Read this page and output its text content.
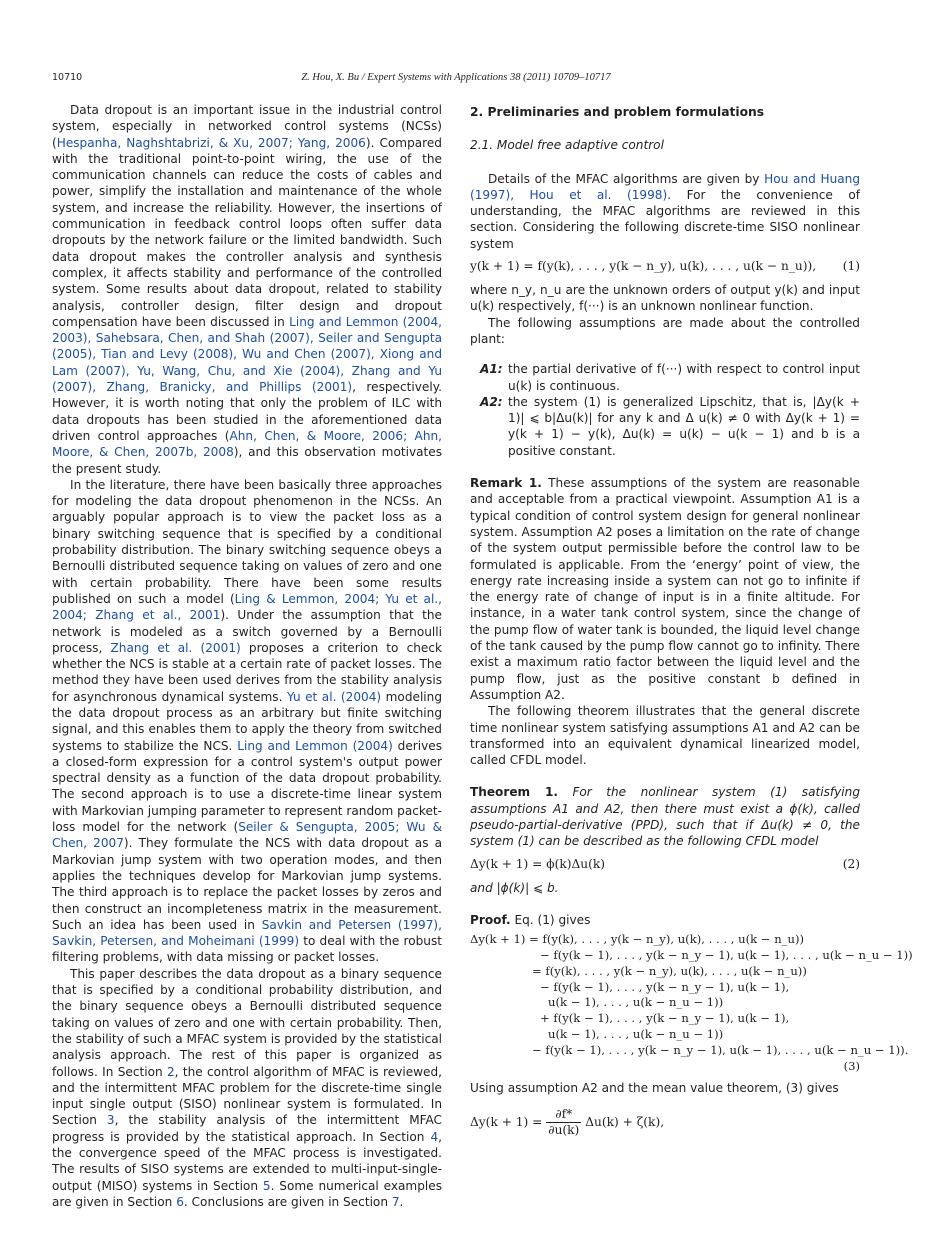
10710	Z. Hou, X. Bu / Expert Systems with Applications 38 (2011) 10709–10717

Data dropout is an important issue in the industrial control system, especially in networked control systems (NCSs) (Hespanha, Naghshtabrizi, & Xu, 2007; Yang, 2006). Compared with the traditional point-to-point wiring, the use of the communication channels can reduce the costs of cables and power, simplify the installation and maintenance of the whole system, and increase the reliability. However, the insertions of communication in feedback control loops often suffer data dropouts by the network failure or the limited bandwidth. Such data dropout makes the controller analysis and synthesis complex, it affects stability and performance of the controlled system. Some results about data dropout, related to stability analysis, controller design, filter design and dropout compensation have been discussed in Ling and Lemmon (2004, 2003), Sahebsara, Chen, and Shah (2007), Seiler and Sengupta (2005), Tian and Levy (2008), Wu and Chen (2007), Xiong and Lam (2007), Yu, Wang, Chu, and Xie (2004), Zhang and Yu (2007), Zhang, Branicky, and Phillips (2001), respectively. However, it is worth noting that only the problem of ILC with data dropouts has been studied in the aforementioned data driven control approaches (Ahn, Chen, & Moore, 2006; Ahn, Moore, & Chen, 2007b, 2008), and this observation motivates the present study.

In the literature, there have been basically three approaches for modeling the data dropout phenomenon in the NCSs. An arguably popular approach is to view the packet loss as a binary switching sequence that is specified by a conditional probability distribution. The binary switching sequence obeys a Bernoulli distributed sequence taking on values of zero and one with certain probability. There have been some results published on such a model (Ling & Lemmon, 2004; Yu et al., 2004; Zhang et al., 2001). Under the assumption that the network is modeled as a switch governed by a Bernoulli process, Zhang et al. (2001) proposes a criterion to check whether the NCS is stable at a certain rate of packet losses. The method they have been used derives from the stability analysis for asynchronous dynamical systems. Yu et al. (2004) modeling the data dropout process as an arbitrary but finite switching signal, and this enables them to apply the theory from switched systems to stabilize the NCS. Ling and Lemmon (2004) derives a closed-form expression for a control system's output power spectral density as a function of the data dropout probability. The second approach is to use a discrete-time linear system with Markovian jumping parameter to represent random packet-loss model for the network (Seiler & Sengupta, 2005; Wu & Chen, 2007). They formulate the NCS with data dropout as a Markovian jump system with two operation modes, and then applies the techniques develop for Markovian jump systems. The third approach is to replace the packet losses by zeros and then construct an incompleteness matrix in the measurement. Such an idea has been used in Savkin and Petersen (1997), Savkin, Petersen, and Moheimani (1999) to deal with the robust filtering problems, with data missing or packet losses.

This paper describes the data dropout as a binary sequence that is specified by a conditional probability distribution, and the binary sequence obeys a Bernoulli distributed sequence taking on values of zero and one with certain probability. Then, the stability of such a MFAC system is provided by the statistical analysis approach. The rest of this paper is organized as follows. In Section 2, the control algorithm of MFAC is reviewed, and the intermittent MFAC problem for the discrete-time single input single output (SISO) nonlinear system is formulated. In Section 3, the stability analysis of the intermittent MFAC progress is provided by the statistical approach. In Section 4, the convergence speed of the MFAC process is investigated. The results of SISO systems are extended to multi-input-single-output (MISO) systems in Section 5. Some numerical examples are given in Section 6. Conclusions are given in Section 7.

2. Preliminaries and problem formulations
2.1. Model free adaptive control

Details of the MFAC algorithms are given by Hou and Huang (1997), Hou et al. (1998). For the convenience of understanding, the MFAC algorithms are reviewed in this section. Considering the following discrete-time SISO nonlinear system

y(k + 1) = f(y(k), . . . , y(k − n_y), u(k), . . . , u(k − n_u)), (1)

where n_y, n_u are the unknown orders of output y(k) and input u(k) respectively, f(···) is an unknown nonlinear function.

The following assumptions are made about the controlled plant:

A1: the partial derivative of f(···) with respect to control input u(k) is continuous.

A2: the system (1) is generalized Lipschitz, that is, |Δy(k + 1)| ⩽ b|Δu(k)| for any k and Δ u(k) ≠ 0 with Δy(k + 1) = y(k + 1) − y(k), Δu(k) = u(k) − u(k − 1) and b is a positive constant.

Remark 1. These assumptions of the system are reasonable and acceptable from a practical viewpoint. Assumption A1 is a typical condition of control system design for general nonlinear system. Assumption A2 poses a limitation on the rate of change of the system output permissible before the control law to be formulated is applicable. From the ‘energy’ point of view, the energy rate increasing inside a system can not go to infinite if the energy rate of change of input is in a finite altitude. For instance, in a water tank control system, since the change of the pump flow of water tank is bounded, the liquid level change of the tank caused by the pump flow cannot go to infinity. There exist a maximum ratio factor between the liquid level and the pump flow, just as the positive constant b defined in Assumption A2.

The following theorem illustrates that the general discrete time nonlinear system satisfying assumptions A1 and A2 can be transformed into an equivalent dynamical linearized model, called CFDL model.

Theorem 1. For the nonlinear system (1) satisfying assumptions A1 and A2, then there must exist a ϕ(k), called pseudo-partial-derivative (PPD), such that if Δu(k) ≠ 0, the system (1) can be described as the following CFDL model

Δy(k + 1) = ϕ(k)Δu(k)	(2)

and |ϕ(k)| ⩽ b.

Proof. Eq. (1) gives

Δy(k + 1) = f(y(k), . . . , y(k − n_y), u(k), . . . , u(k − n_u))
− f(y(k − 1), . . . , y(k − n_y − 1), u(k − 1), . . . , u(k − n_u − 1))
= f(y(k), . . . , y(k − n_y), u(k), . . . , u(k − n_u))
− f(y(k − 1), . . . , y(k − n_y − 1), u(k − 1),
u(k − 1), . . . , u(k − n_u − 1))
+ f(y(k − 1), . . . , y(k − n_y − 1), u(k − 1),
u(k − 1), . . . , u(k − n_u − 1))
− f(y(k − 1), . . . , y(k − n_y − 1), u(k − 1), . . . , u(k − n_u − 1)).
(3)

Using assumption A2 and the mean value theorem, (3) gives

$\Delta y(k + 1) = \frac{\partial f*}{\partial u(k)} \Delta u(k) + \zeta(k)$,
